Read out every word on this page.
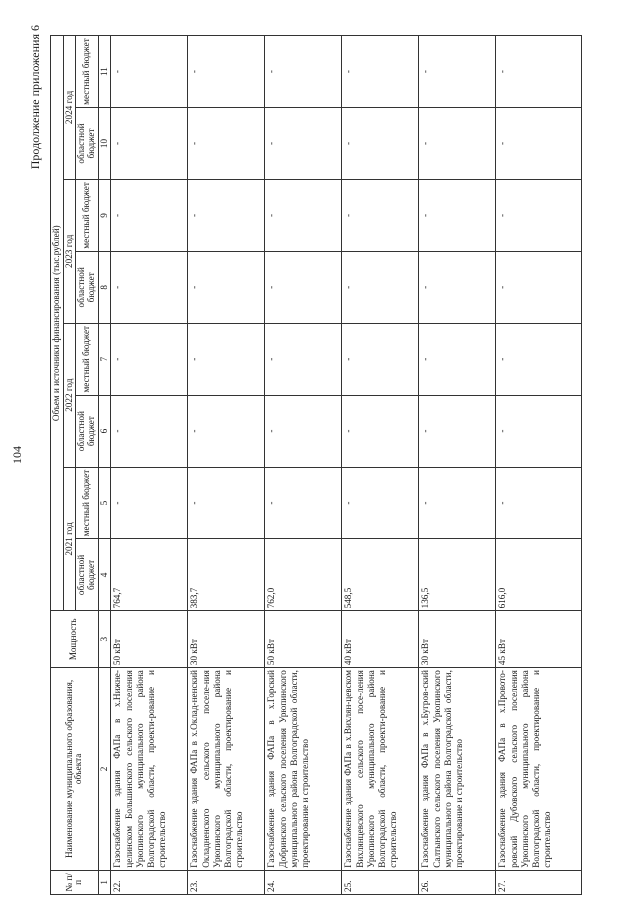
104
Продолжение приложения 6
№ п/п	Наименование муниципального образования, объекта	Мощность	Объем и источники финансирования (тыс.рублей)							
			2021 год		2022 год		2023 год		2024 год	
			областной бюджет	местный бюджет	областной бюджет	местный бюджет	областной бюджет	местный бюджет	областной бюджет	местный бюджет
1	2	3	4	5	6	7	8	9	10	11
22.	Газоснабжение здания ФАПа в х.Нижне-целинском Большинского сельского поселения Урюпинского муниципального района Волгоградской области, проекти-рование и строительство	50 кВт	764,7	-	-	-	-	-	-	-
23.	Газоснабжение здания ФАПа в х.Оклад-ненский Окладненского сельского поселе-ния Урюпинского муниципального района Волгоградской области, проектирование и строительство	30 кВт	383,7	-	-	-	-	-	-	-
24.	Газоснабжение здания ФАПа в х.Горский Добринского сельского поселения Урюпинского муниципального района Волгоградской области, проектирование и строительство	50 кВт	762,0	-	-	-	-	-	-	-
25.	Газоснабжение здания ФАПа в х.Вихлян-цевском Вихлянцевского сельского посе-ления Урюпинского муниципального района Волгоградской области, проекти-рование и строительство	40 кВт	548,5	-	-	-	-	-	-	-
26.	Газоснабжение здания ФАПа в х.Бугров-ский Салтынского сельского поселения Урюпинского муниципального района Волгоградской области, проектирование и строительство	30 кВт	136,5	-	-	-	-	-	-	-
27.	Газоснабжение здания ФАПа в х.Провото-ровский Дубовского сельского поселения Урюпинского муниципального района Волгоградской области, проектирование и строительство	45 кВт	616,0	-	-	-	-	-	-	-
